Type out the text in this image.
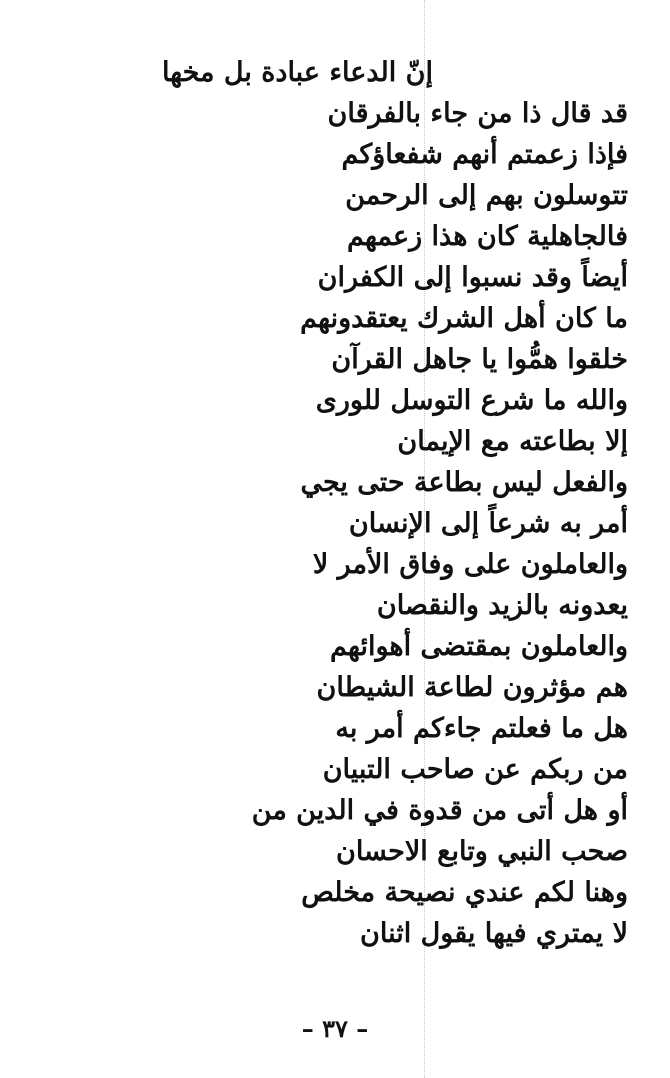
إنّ الدعاء عبادة بل مخها
قد قال ذا من جاء بالفرقان
فإذا زعمتم أنهم شفعاؤكم
تتوسلون بهم إلى الرحمن
فالجاهلية كان هذا زعمهم
أيضاً وقد نسبوا إلى الكفران
ما كان أهل الشرك يعتقدونهم
خلقوا همُّوا يا جاهل القرآن
والله ما شرع التوسل للورى
إلا بطاعته مع الإيمان
والفعل ليس بطاعة حتى يجي
أمر به شرعاً إلى الإنسان
والعاملون على وفاق الأمر لا
يعدونه بالزيد والنقصان
والعاملون بمقتضى أهوائهم
هم مؤثرون لطاعة الشيطان
هل ما فعلتم جاءكم أمر به
من ربكم عن صاحب التبيان
أو هل أتى من قدوة في الدين من
صحب النبي وتابع الاحسان
وهنا لكم عندي نصيحة مخلص
لا يمتري فيها يقول اثنان
– ٣٧ –
